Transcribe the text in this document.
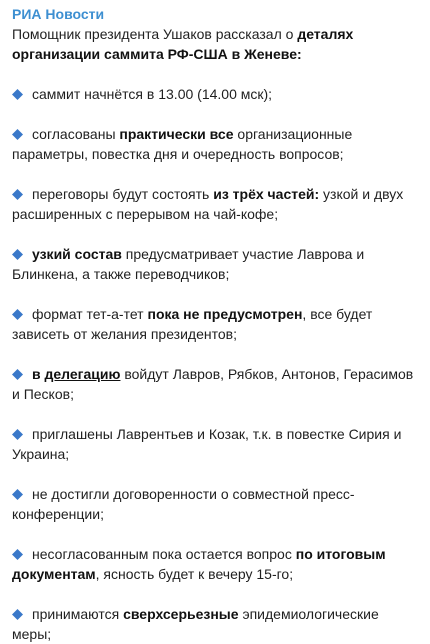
РИА Новости
Помощник президента Ушаков рассказал о деталях организации саммита РФ-США в Женеве:
саммит начнётся в 13.00 (14.00 мск);
согласованы практически все организационные параметры, повестка дня и очередность вопросов;
переговоры будут состоять из трёх частей: узкой и двух расширенных с перерывом на чай-кофе;
узкий состав предусматривает участие Лаврова и Блинкена, а также переводчиков;
формат тет-а-тет пока не предусмотрен, все будет зависеть от желания президентов;
в делегацию войдут Лавров, Рябков, Антонов, Герасимов и Песков;
приглашены Лаврентьев и Козак, т.к. в повестке Сирия и Украина;
не достигли договоренности о совместной пресс-конференции;
несогласованным пока остается вопрос по итоговым документам, ясность будет к вечеру 15-го;
принимаются сверхсерьезные эпидемиологические меры;
